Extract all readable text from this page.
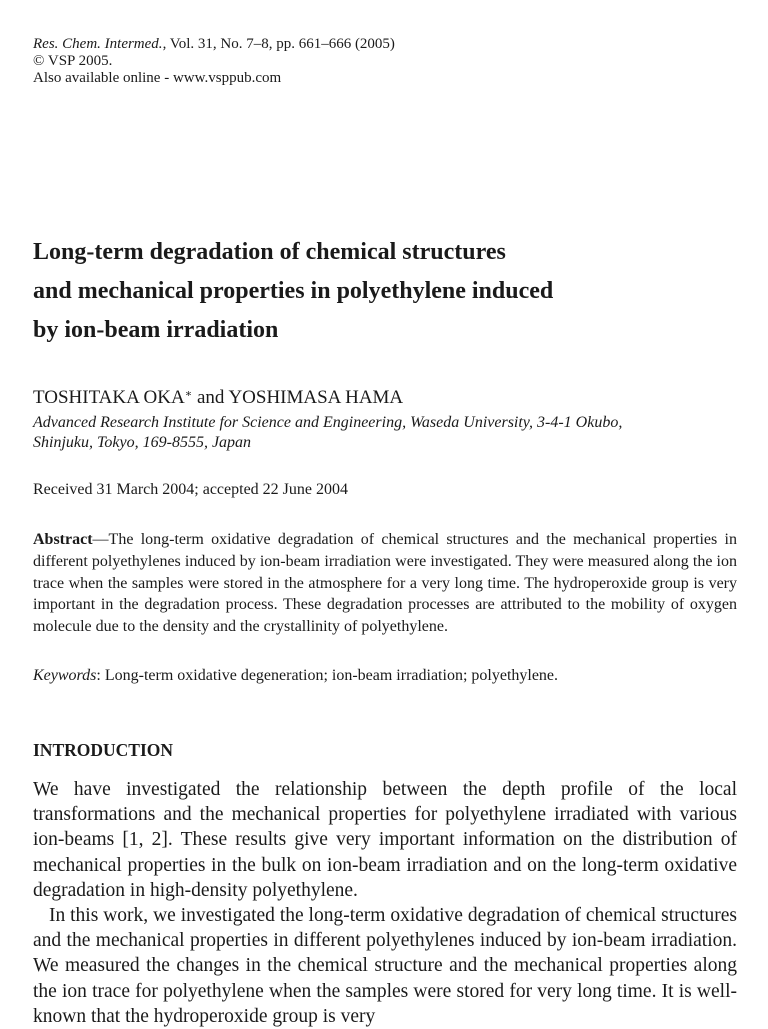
Res. Chem. Intermed., Vol. 31, No. 7–8, pp. 661–666 (2005)

© VSP 2005.

Also available online - www.vsppub.com

Long-term degradation of chemical structures
and mechanical properties in polyethylene induced
by ion-beam irradiation

TOSHITAKA OKA∗ and YOSHIMASA HAMA

Advanced Research Institute for Science and Engineering, Waseda University, 3-4-1 Okubo,
Shinjuku, Tokyo, 169-8555, Japan

Received 31 March 2004; accepted 22 June 2004

Abstract—The long-term oxidative degradation of chemical structures and the mechanical properties in different polyethylenes induced by ion-beam irradiation were investigated. They were measured along the ion trace when the samples were stored in the atmosphere for a very long time. The hydroperoxide group is very important in the degradation process. These degradation processes are attributed to the mobility of oxygen molecule due to the density and the crystallinity of polyethylene.

Keywords: Long-term oxidative degeneration; ion-beam irradiation; polyethylene.

INTRODUCTION

We have investigated the relationship between the depth profile of the local transformations and the mechanical properties for polyethylene irradiated with various ion-beams [1, 2]. These results give very important information on the distribution of mechanical properties in the bulk on ion-beam irradiation and on the long-term oxidative degradation in high-density polyethylene.

In this work, we investigated the long-term oxidative degradation of chemical structures and the mechanical properties in different polyethylenes induced by ion-beam irradiation. We measured the changes in the chemical structure and the mechanical properties along the ion trace for polyethylene when the samples were stored for very long time. It is well-known that the hydroperoxide group is very
